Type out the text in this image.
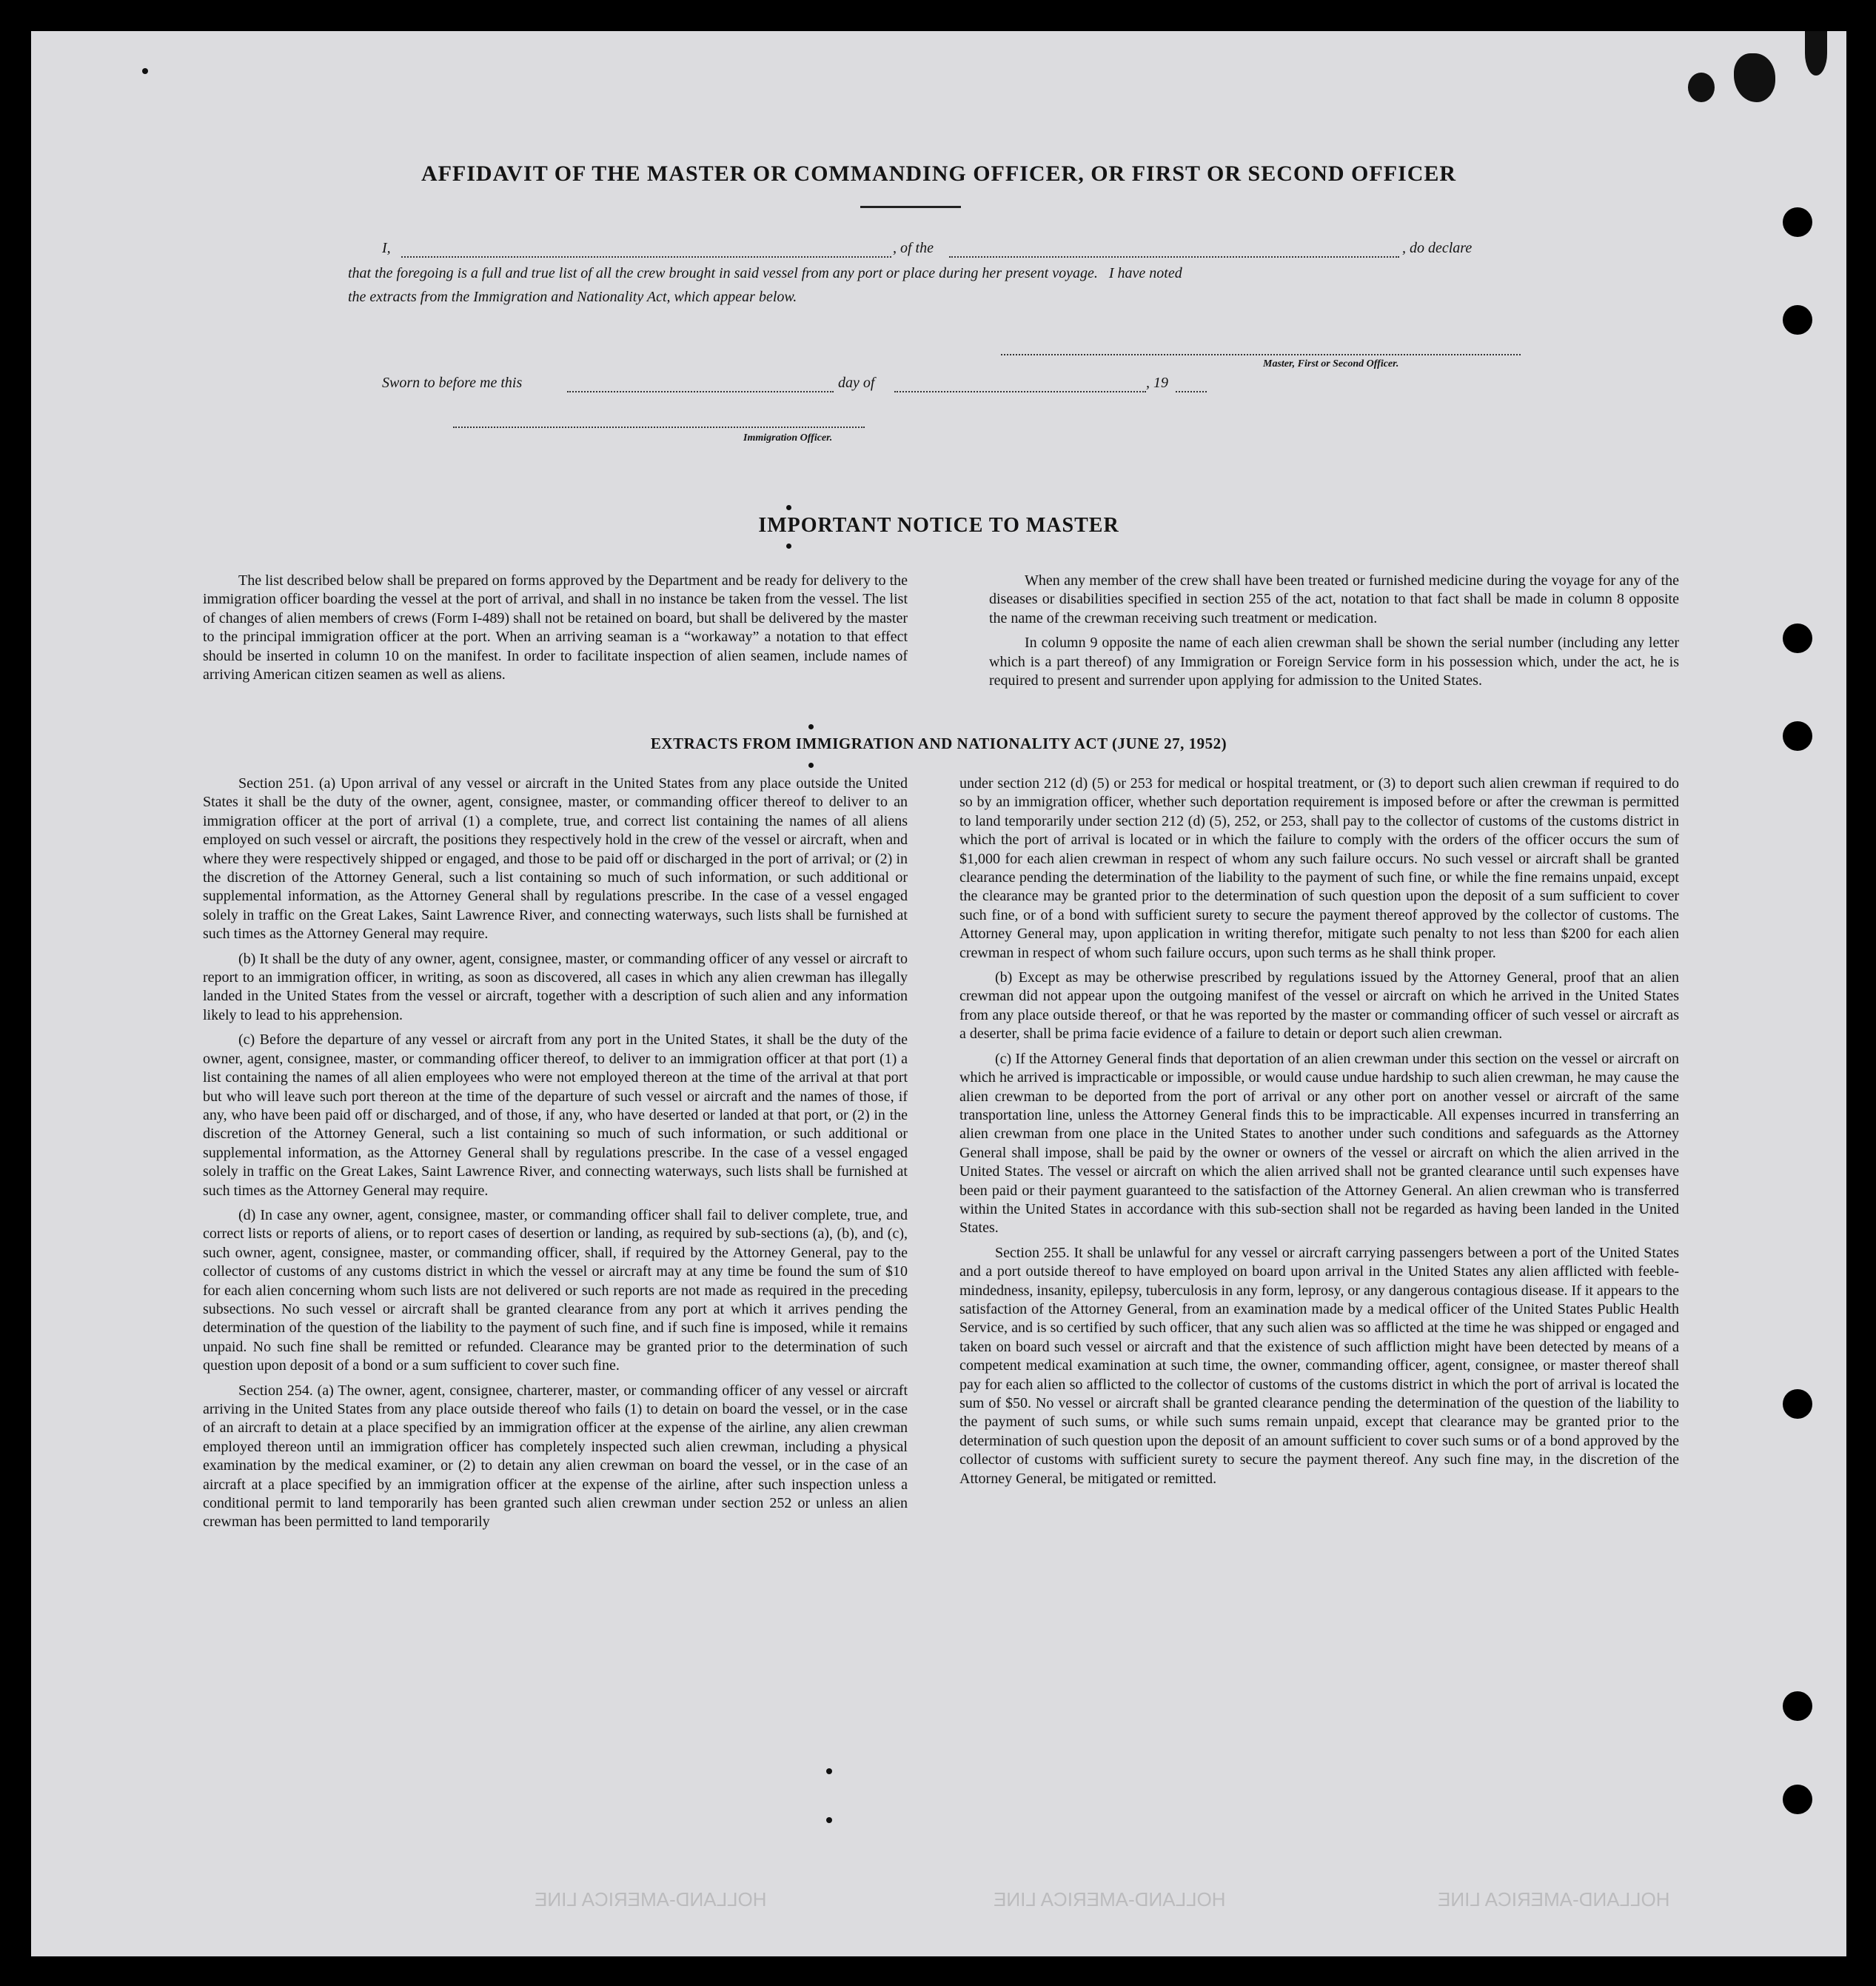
HOLLAND-AMERICA LINE	HOLLAND-AMERICA LINE	HOLLAND-AMERICA LINE
AFFIDAVIT OF THE MASTER OR COMMANDING OFFICER, OR FIRST OR SECOND OFFICER
I,	, of the	, do declare
that the foregoing is a full and true list of all the crew brought in said vessel from any port or place during her present voyage.   I have noted
the extracts from the Immigration and Nationality Act, which appear below.
Master, First or Second Officer.
Sworn to before me this	day of	, 19
Immigration Officer.
IMPORTANT NOTICE TO MASTER

The list described below shall be prepared on forms approved by the Department and be ready for delivery to the immigration officer boarding the vessel at the port of arrival, and shall in no instance be taken from the vessel. The list of changes of alien members of crews (Form I-489) shall not be retained on board, but shall be delivered by the master to the principal immigration officer at the port. When an arriving seaman is a “workaway” a notation to that effect should be inserted in column 10 on the manifest. In order to facilitate inspection of alien seamen, include names of arriving American citizen seamen as well as aliens.

When any member of the crew shall have been treated or furnished medicine during the voyage for any of the diseases or disabilities specified in section 255 of the act, notation to that fact shall be made in column 8 opposite the name of the crewman receiving such treatment or medication.

In column 9 opposite the name of each alien crewman shall be shown the serial number (including any letter which is a part thereof) of any Immigration or Foreign Service form in his possession which, under the act, he is required to present and surrender upon applying for admission to the United States.

EXTRACTS FROM IMMIGRATION AND NATIONALITY ACT (JUNE 27, 1952)

Section 251. (a) Upon arrival of any vessel or aircraft in the United States from any place outside the United States it shall be the duty of the owner, agent, consignee, master, or commanding officer thereof to deliver to an immigration officer at the port of arrival (1) a complete, true, and correct list containing the names of all aliens employed on such vessel or aircraft, the positions they respectively hold in the crew of the vessel or aircraft, when and where they were respectively shipped or engaged, and those to be paid off or discharged in the port of arrival; or (2) in the discretion of the Attorney General, such a list containing so much of such information, or such additional or supplemental information, as the Attorney General shall by regulations prescribe. In the case of a vessel engaged solely in traffic on the Great Lakes, Saint Lawrence River, and connecting waterways, such lists shall be furnished at such times as the Attorney General may require.

(b) It shall be the duty of any owner, agent, consignee, master, or commanding officer of any vessel or aircraft to report to an immigration officer, in writing, as soon as discovered, all cases in which any alien crewman has illegally landed in the United States from the vessel or aircraft, together with a description of such alien and any information likely to lead to his apprehension.

(c) Before the departure of any vessel or aircraft from any port in the United States, it shall be the duty of the owner, agent, consignee, master, or commanding officer thereof, to deliver to an immigration officer at that port (1) a list containing the names of all alien employees who were not employed thereon at the time of the arrival at that port but who will leave such port thereon at the time of the departure of such vessel or aircraft and the names of those, if any, who have been paid off or discharged, and of those, if any, who have deserted or landed at that port, or (2) in the discretion of the Attorney General, such a list containing so much of such information, or such additional or supplemental information, as the Attorney General shall by regulations prescribe. In the case of a vessel engaged solely in traffic on the Great Lakes, Saint Lawrence River, and connecting waterways, such lists shall be furnished at such times as the Attorney General may require.

(d) In case any owner, agent, consignee, master, or commanding officer shall fail to deliver complete, true, and correct lists or reports of aliens, or to report cases of desertion or landing, as required by sub-sections (a), (b), and (c), such owner, agent, consignee, master, or commanding officer, shall, if required by the Attorney General, pay to the collector of customs of any customs district in which the vessel or aircraft may at any time be found the sum of $10 for each alien concerning whom such lists are not delivered or such reports are not made as required in the preceding subsections. No such vessel or aircraft shall be granted clearance from any port at which it arrives pending the determination of the question of the liability to the payment of such fine, and if such fine is imposed, while it remains unpaid. No such fine shall be remitted or refunded. Clearance may be granted prior to the determination of such question upon deposit of a bond or a sum sufficient to cover such fine.

Section 254. (a) The owner, agent, consignee, charterer, master, or commanding officer of any vessel or aircraft arriving in the United States from any place outside thereof who fails (1) to detain on board the vessel, or in the case of an aircraft to detain at a place specified by an immigration officer at the expense of the airline, any alien crewman employed thereon until an immigration officer has completely inspected such alien crewman, including a physical examination by the medical examiner, or (2) to detain any alien crewman on board the vessel, or in the case of an aircraft at a place specified by an immigration officer at the expense of the airline, after such inspection unless a conditional permit to land temporarily has been granted such alien crewman under section 252 or unless an alien crewman has been permitted to land temporarily

under section 212 (d) (5) or 253 for medical or hospital treatment, or (3) to deport such alien crewman if required to do so by an immigration officer, whether such deportation requirement is imposed before or after the crewman is permitted to land temporarily under section 212 (d) (5), 252, or 253, shall pay to the collector of customs of the customs district in which the port of arrival is located or in which the failure to comply with the orders of the officer occurs the sum of $1,000 for each alien crewman in respect of whom any such failure occurs. No such vessel or aircraft shall be granted clearance pending the determination of the liability to the payment of such fine, or while the fine remains unpaid, except the clearance may be granted prior to the determination of such question upon the deposit of a sum sufficient to cover such fine, or of a bond with sufficient surety to secure the payment thereof approved by the collector of customs. The Attorney General may, upon application in writing therefor, mitigate such penalty to not less than $200 for each alien crewman in respect of whom such failure occurs, upon such terms as he shall think proper.

(b) Except as may be otherwise prescribed by regulations issued by the Attorney General, proof that an alien crewman did not appear upon the outgoing manifest of the vessel or aircraft on which he arrived in the United States from any place outside thereof, or that he was reported by the master or commanding officer of such vessel or aircraft as a deserter, shall be prima facie evidence of a failure to detain or deport such alien crewman.

(c) If the Attorney General finds that deportation of an alien crewman under this section on the vessel or aircraft on which he arrived is impracticable or impossible, or would cause undue hardship to such alien crewman, he may cause the alien crewman to be deported from the port of arrival or any other port on another vessel or aircraft of the same transportation line, unless the Attorney General finds this to be impracticable. All expenses incurred in transferring an alien crewman from one place in the United States to another under such conditions and safeguards as the Attorney General shall impose, shall be paid by the owner or owners of the vessel or aircraft on which the alien arrived in the United States. The vessel or aircraft on which the alien arrived shall not be granted clearance until such expenses have been paid or their payment guaranteed to the satisfaction of the Attorney General. An alien crewman who is transferred within the United States in accordance with this sub-section shall not be regarded as having been landed in the United States.

Section 255. It shall be unlawful for any vessel or aircraft carrying passengers between a port of the United States and a port outside thereof to have employed on board upon arrival in the United States any alien afflicted with feeble-mindedness, insanity, epilepsy, tuberculosis in any form, leprosy, or any dangerous contagious disease. If it appears to the satisfaction of the Attorney General, from an examination made by a medical officer of the United States Public Health Service, and is so certified by such officer, that any such alien was so afflicted at the time he was shipped or engaged and taken on board such vessel or aircraft and that the existence of such affliction might have been detected by means of a competent medical examination at such time, the owner, commanding officer, agent, consignee, or master thereof shall pay for each alien so afflicted to the collector of customs of the customs district in which the port of arrival is located the sum of $50. No vessel or aircraft shall be granted clearance pending the determination of the question of the liability to the payment of such sums, or while such sums remain unpaid, except that clearance may be granted prior to the determination of such question upon the deposit of an amount sufficient to cover such sums or of a bond approved by the collector of customs with sufficient surety to secure the payment thereof. Any such fine may, in the discretion of the Attorney General, be mitigated or remitted.
